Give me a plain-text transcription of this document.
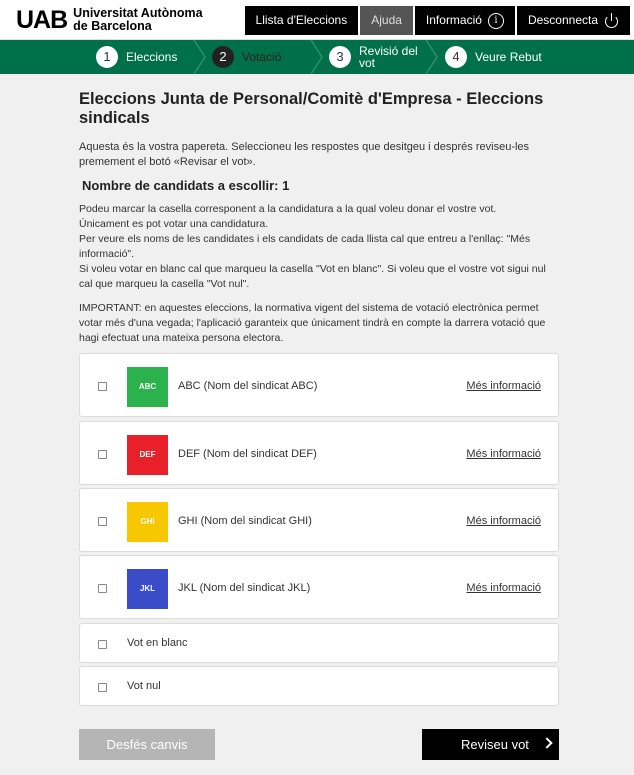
UAB Universitat Autònoma
de Barcelona	Llista d'Eleccions Ajuda Informació	i	Desconnecta
1	Eleccions	2	Votació	3	Revisió del vot	4	Veure Rebut
Eleccions Junta de Personal/Comitè d'Empresa - Eleccions sindicals
Aquesta és la vostra papereta. Seleccioneu les respostes que desitgeu i després reviseu-les premement el botó «Revisar el vot».
Nombre de candidats a escollir: 1
Podeu marcar la casella corresponent a la candidatura a la qual voleu donar el vostre vot.
Únicament es pot votar una candidatura.
Per veure els noms de les candidates i els candidats de cada llista cal que entreu a l'enllaç: "Més informació".
Si voleu votar en blanc cal que marqueu la casella "Vot en blanc". Si voleu que el vostre vot sigui nul cal que marqueu la casella "Vot nul".
IMPORTANT: en aquestes eleccions, la normativa vigent del sistema de votació electrònica permet votar més d'una vegada; l'aplicació garanteix que únicament tindrà en compte la darrera votació que hagi efectuat una mateixa persona electora.
ABC	ABC (Nom del sindicat ABC)	Més informació
DEF	DEF (Nom del sindicat DEF)	Més informació
GHI	GHI (Nom del sindicat GHI)	Més informació
JKL	JKL (Nom del sindicat JKL)	Més informació
Vot en blanc
Vot nul
Desfés canvis	Reviseu vot
